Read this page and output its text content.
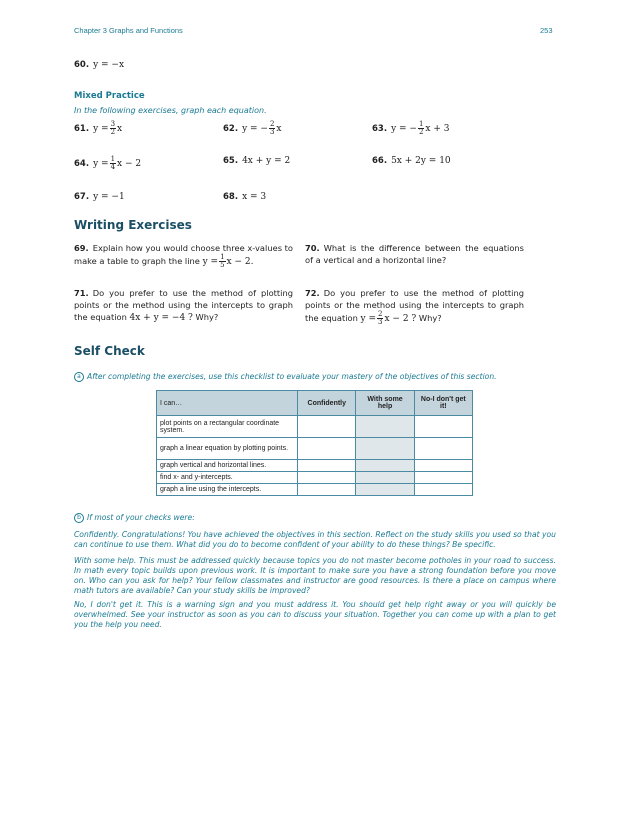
Chapter 3 Graphs and Functions	253
60. y = −x
Mixed Practice
In the following exercises, graph each equation.
61. $y = \frac{3}{2}$ x	62. y = − $\frac{2}{3}$ x	63. y = − $\frac{1}{2}$ x + 3
64. $y = \frac{1}{4}$ x − 2	65. 4x + y = 2	66. 5x + 2y = 10
67. y = −1	68. x = 3
Writing Exercises
69. Explain how you would choose three x-values to make a table to graph the line $y = \frac{1}{5}$ x − 2.
70. What is the difference between the equations of a vertical and a horizontal line?
71. Do you prefer to use the method of plotting points or the method using the intercepts to graph the equation 4x + y = −4 ? Why?
72. Do you prefer to use the method of plotting points or the method using the intercepts to graph the equation $y = \frac{2}{3}$ x − 2 ? Why?
Self Check
a After completing the exercises, use this checklist to evaluate your mastery of the objectives of this section.
I can…	Confidently	With some help	No-I don't get it!
plot points on a rectangular coordinate system.			
graph a linear equation by plotting points.			
graph vertical and horizontal lines.			
find x- and y-intercepts.			
graph a line using the intercepts.			
b If most of your checks were:
Confidently. Congratulations! You have achieved the objectives in this section. Reflect on the study skills you used so that you can continue to use them. What did you do to become confident of your ability to do these things? Be specific.
With some help. This must be addressed quickly because topics you do not master become potholes in your road to success. In math every topic builds upon previous work. It is important to make sure you have a strong foundation before you move on. Who can you ask for help? Your fellow classmates and instructor are good resources. Is there a place on campus where math tutors are available? Can your study skills be improved?
No, I don't get it. This is a warning sign and you must address it. You should get help right away or you will quickly be overwhelmed. See your instructor as soon as you can to discuss your situation. Together you can come up with a plan to get you the help you need.
